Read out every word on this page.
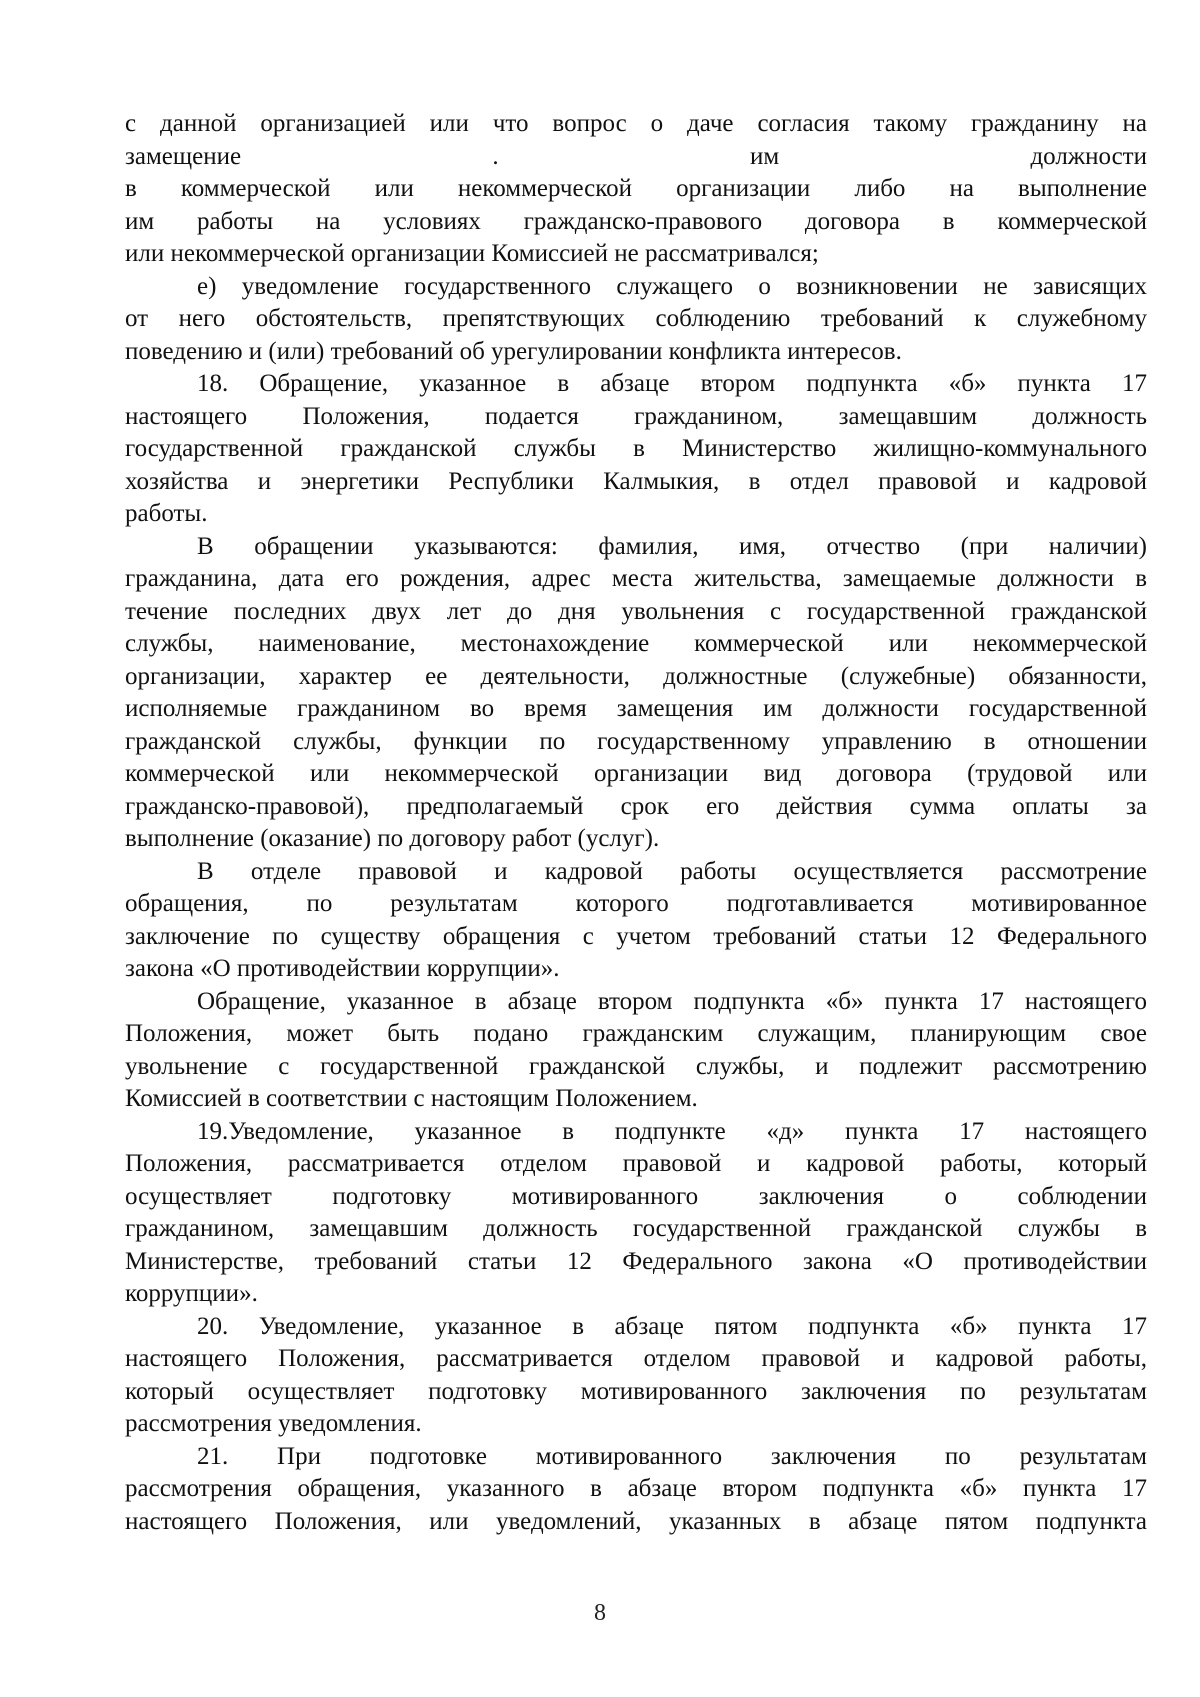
с данной организацией или что вопрос о даче согласия такому гражданину на
замещение . им должности
в коммерческой или некоммерческой организации либо на выполнение
им работы на условиях гражданско-правового договора в коммерческой
или некоммерческой организации Комиссией не рассматривался;
е) уведомление государственного служащего о возникновении не зависящих
от него обстоятельств, препятствующих соблюдению требований к служебному
поведению и (или) требований об урегулировании конфликта интересов.
18. Обращение, указанное в абзаце втором подпункта «б» пункта 17
настоящего Положения, подается гражданином, замещавшим должность
государственной гражданской службы в Министерство жилищно-коммунального
хозяйства и энергетики Республики Калмыкия, в отдел правовой и кадровой
работы.
В обращении указываются: фамилия, имя, отчество (при наличии)
гражданина, дата его рождения, адрес места жительства, замещаемые должности в
течение последних двух лет до дня увольнения с государственной гражданской
службы, наименование, местонахождение коммерческой или некоммерческой
организации, характер ее деятельности, должностные (служебные) обязанности,
исполняемые гражданином во время замещения им должности государственной
гражданской службы, функции по государственному управлению в отношении
коммерческой или некоммерческой организации вид договора (трудовой или
гражданско-правовой), предполагаемый срок его действия сумма оплаты за
выполнение (оказание) по договору работ (услуг).
В отделе правовой и кадровой работы осуществляется рассмотрение
обращения, по результатам которого подготавливается мотивированное
заключение по существу обращения с учетом требований статьи 12 Федерального
закона «О противодействии коррупции».
Обращение, указанное в абзаце втором подпункта «б» пункта 17 настоящего
Положения, может быть подано гражданским служащим, планирующим свое
увольнение с государственной гражданской службы, и подлежит рассмотрению
Комиссией в соответствии с настоящим Положением.
19.Уведомление, указанное в подпункте «д» пункта 17 настоящего
Положения, рассматривается отделом правовой и кадровой работы, который
осуществляет подготовку мотивированного заключения о соблюдении
гражданином, замещавшим должность государственной гражданской службы в
Министерстве, требований статьи 12 Федерального закона «О противодействии
коррупции».
20. Уведомление, указанное в абзаце пятом подпункта «б» пункта 17
настоящего Положения, рассматривается отделом правовой и кадровой работы,
который осуществляет подготовку мотивированного заключения по результатам
рассмотрения уведомления.
21. При подготовке мотивированного заключения по результатам
рассмотрения обращения, указанного в абзаце втором подпункта «б» пункта 17
настоящего Положения, или уведомлений, указанных в абзаце пятом подпункта
8
